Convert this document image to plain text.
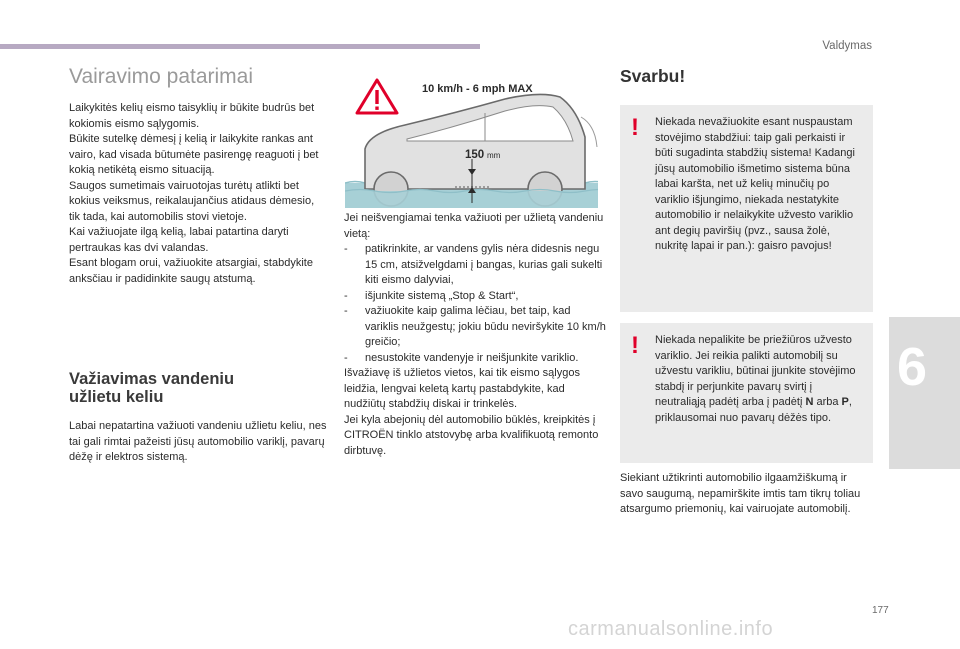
Valdymas
6
Vairavimo patarimai

Laikykitės kelių eismo taisyklių ir būkite budrūs bet kokiomis eismo sąlygomis.

Būkite sutelkę dėmesį į kelią ir laikykite rankas ant vairo, kad visada būtumėte pasirengę reaguoti į bet kokią netikėtą eismo situaciją.

Saugos sumetimais vairuotojas turėtų atlikti bet kokius veiksmus, reikalaujančius atidaus dėmesio, tik tada, kai automobilis stovi vietoje.

Kai važiuojate ilgą kelią, labai patartina daryti pertraukas kas dvi valandas.

Esant blogam orui, važiuokite atsargiai, stabdykite anksčiau ir padidinkite saugų atstumą.

Važiavimas vandeniu
užlietu keliu

Labai nepatartina važiuoti vandeniu užlietu keliu, nes tai gali rimtai pažeisti jūsų automobilio variklį, pavarų dėžę ir elektros sistemą.

10 km/h - 6 mph MAX
150 mm

Jei neišvengiamai tenka važiuoti per užlietą vandeniu vietą:

- patikrinkite, ar vandens gylis nėra didesnis negu 15 cm, atsižvelgdami į bangas, kurias gali sukelti kiti eismo dalyviai,
- išjunkite sistemą „Stop & Start“,
- važiuokite kaip galima lėčiau, bet taip, kad variklis neužgestų; jokiu būdu neviršykite 10 km/h greičio;
- nesustokite vandenyje ir neišjunkite variklio.

Išvažiavę iš užlietos vietos, kai tik eismo sąlygos leidžia, lengvai keletą kartų pastabdykite, kad nudžiūtų stabdžių diskai ir trinkelės.

Jei kyla abejonių dėl automobilio būklės, kreipkitės į CITROËN tinklo atstovybę arba kvalifikuotą remonto dirbtuvę.

Svarbu!
! Niekada nevažiuokite esant nuspaustam stovėjimo stabdžiui: taip gali perkaisti ir būti sugadinta stabdžių sistema! Kadangi jūsų automobilio išmetimo sistema būna labai karšta, net už kelių minučių po variklio išjungimo, niekada nestatykite automobilio ir nelaikykite užvesto variklio ant degių paviršių (pvz., sausa žolė, nukritę lapai ir pan.): gaisro pavojus!
! Niekada nepalikite be priežiūros užvesto variklio. Jei reikia palikti automobilį su užvestu varikliu, būtinai įjunkite stovėjimo stabdį ir perjunkite pavarų svirtį į neutraliąją padėtį arba į padėtį N arba P, priklausomai nuo pavarų dėžės tipo.

Siekiant užtikrinti automobilio ilgaamžiškumą ir savo saugumą, nepamirškite imtis tam tikrų toliau atsargumo priemonių, kai vairuojate automobilį.

177
carmanualsonline.info
